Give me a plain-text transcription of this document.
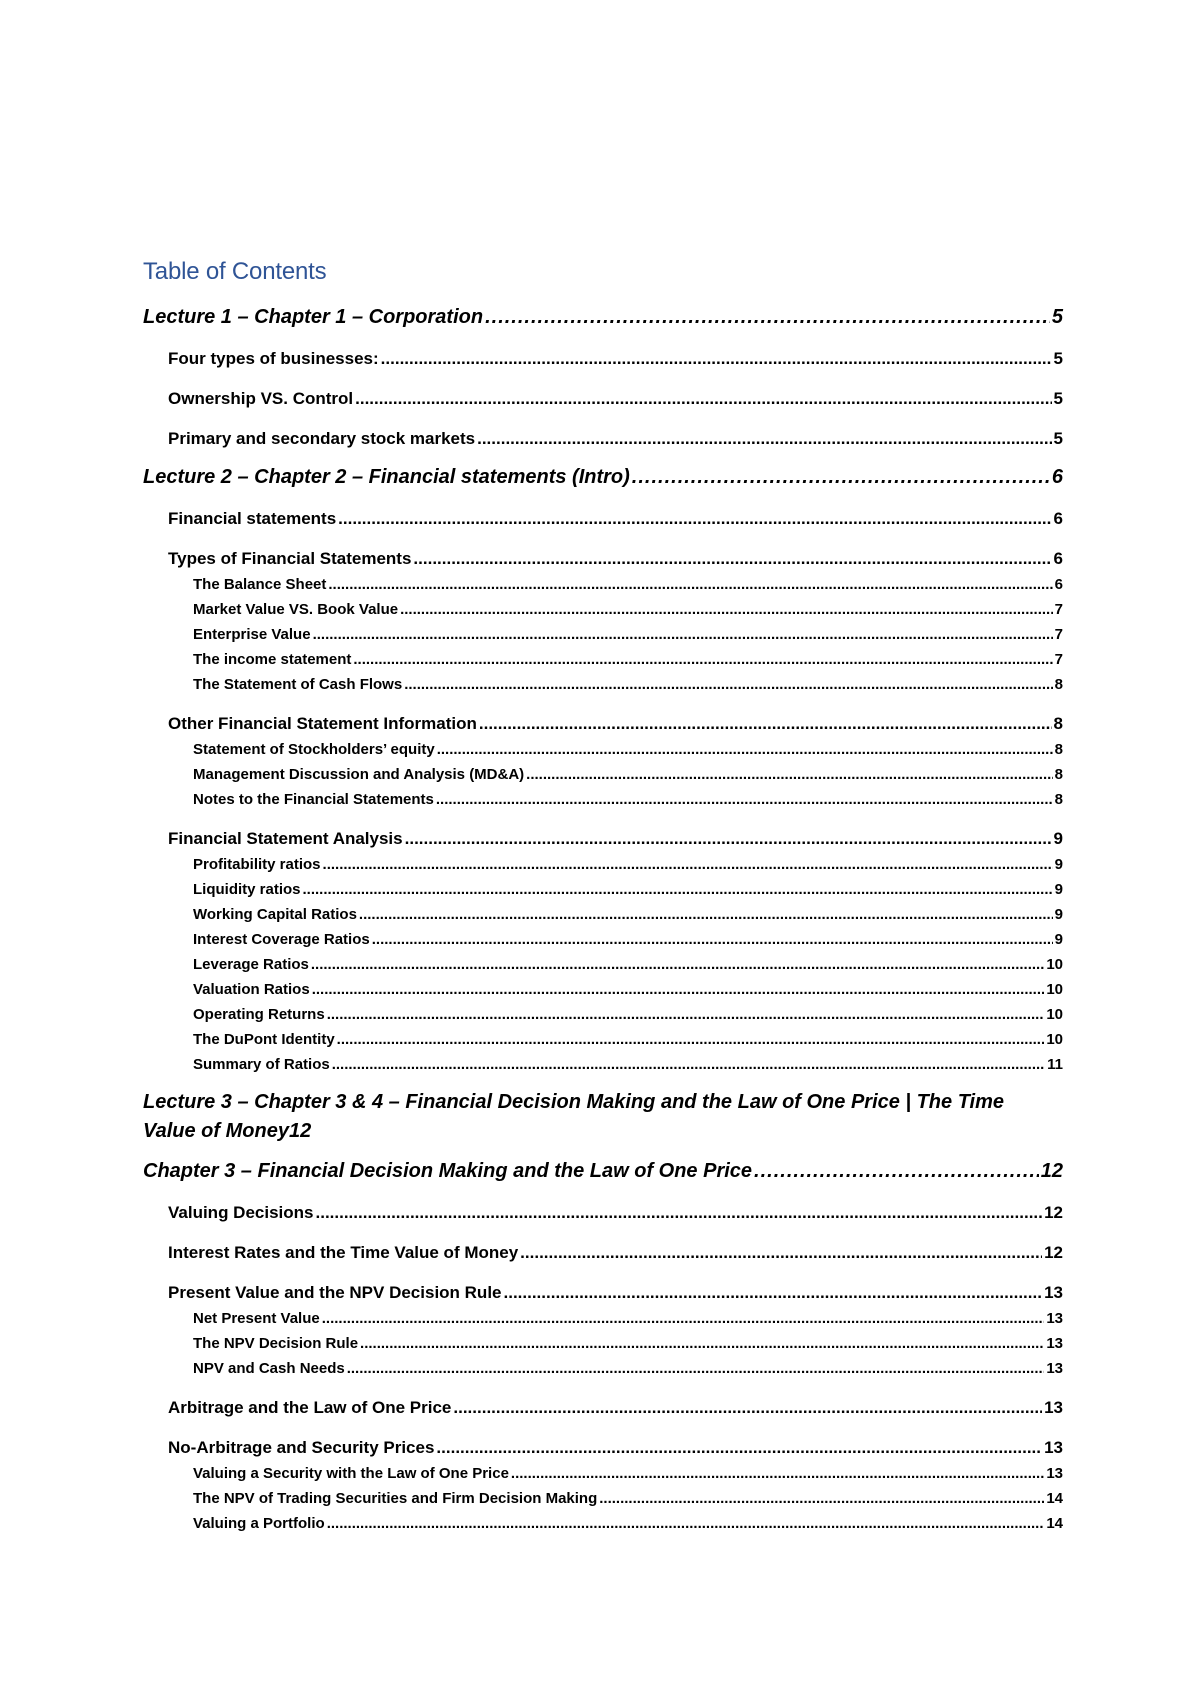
Table of Contents
Lecture 1 – Chapter 1 – Corporation .....	5
Four types of businesses: .....	5
Ownership VS. Control .....	5
Primary and secondary stock markets .....	5
Lecture 2 – Chapter 2 – Financial statements (Intro) .....	6
Financial statements .....	6
Types of Financial Statements .....	6
The Balance Sheet .....	6
Market Value VS. Book Value .....	7
Enterprise Value .....	7
The income statement .....	7
The Statement of Cash Flows .....	8
Other Financial Statement Information .....	8
Statement of Stockholders’ equity .....	8
Management Discussion and Analysis (MD&A) .....	8
Notes to the Financial Statements .....	8
Financial Statement Analysis .....	9
Profitability ratios .....	9
Liquidity ratios .....	9
Working Capital Ratios .....	9
Interest Coverage Ratios .....	9
Leverage Ratios .....	10
Valuation Ratios .....	10
Operating Returns .....	10
The DuPont Identity .....	10
Summary of Ratios .....	11
Lecture 3 – Chapter 3 & 4 – Financial Decision Making and the Law of One Price | The Time
Value of Money 12
Chapter 3 – Financial Decision Making and the Law of One Price .....	12
Valuing Decisions .....	12
Interest Rates and the Time Value of Money .....	12
Present Value and the NPV Decision Rule .....	13
Net Present Value .....	13
The NPV Decision Rule .....	13
NPV and Cash Needs .....	13
Arbitrage and the Law of One Price .....	13
No-Arbitrage and Security Prices .....	13
Valuing a Security with the Law of One Price .....	13
The NPV of Trading Securities and Firm Decision Making .....	14
Valuing a Portfolio .....	14
